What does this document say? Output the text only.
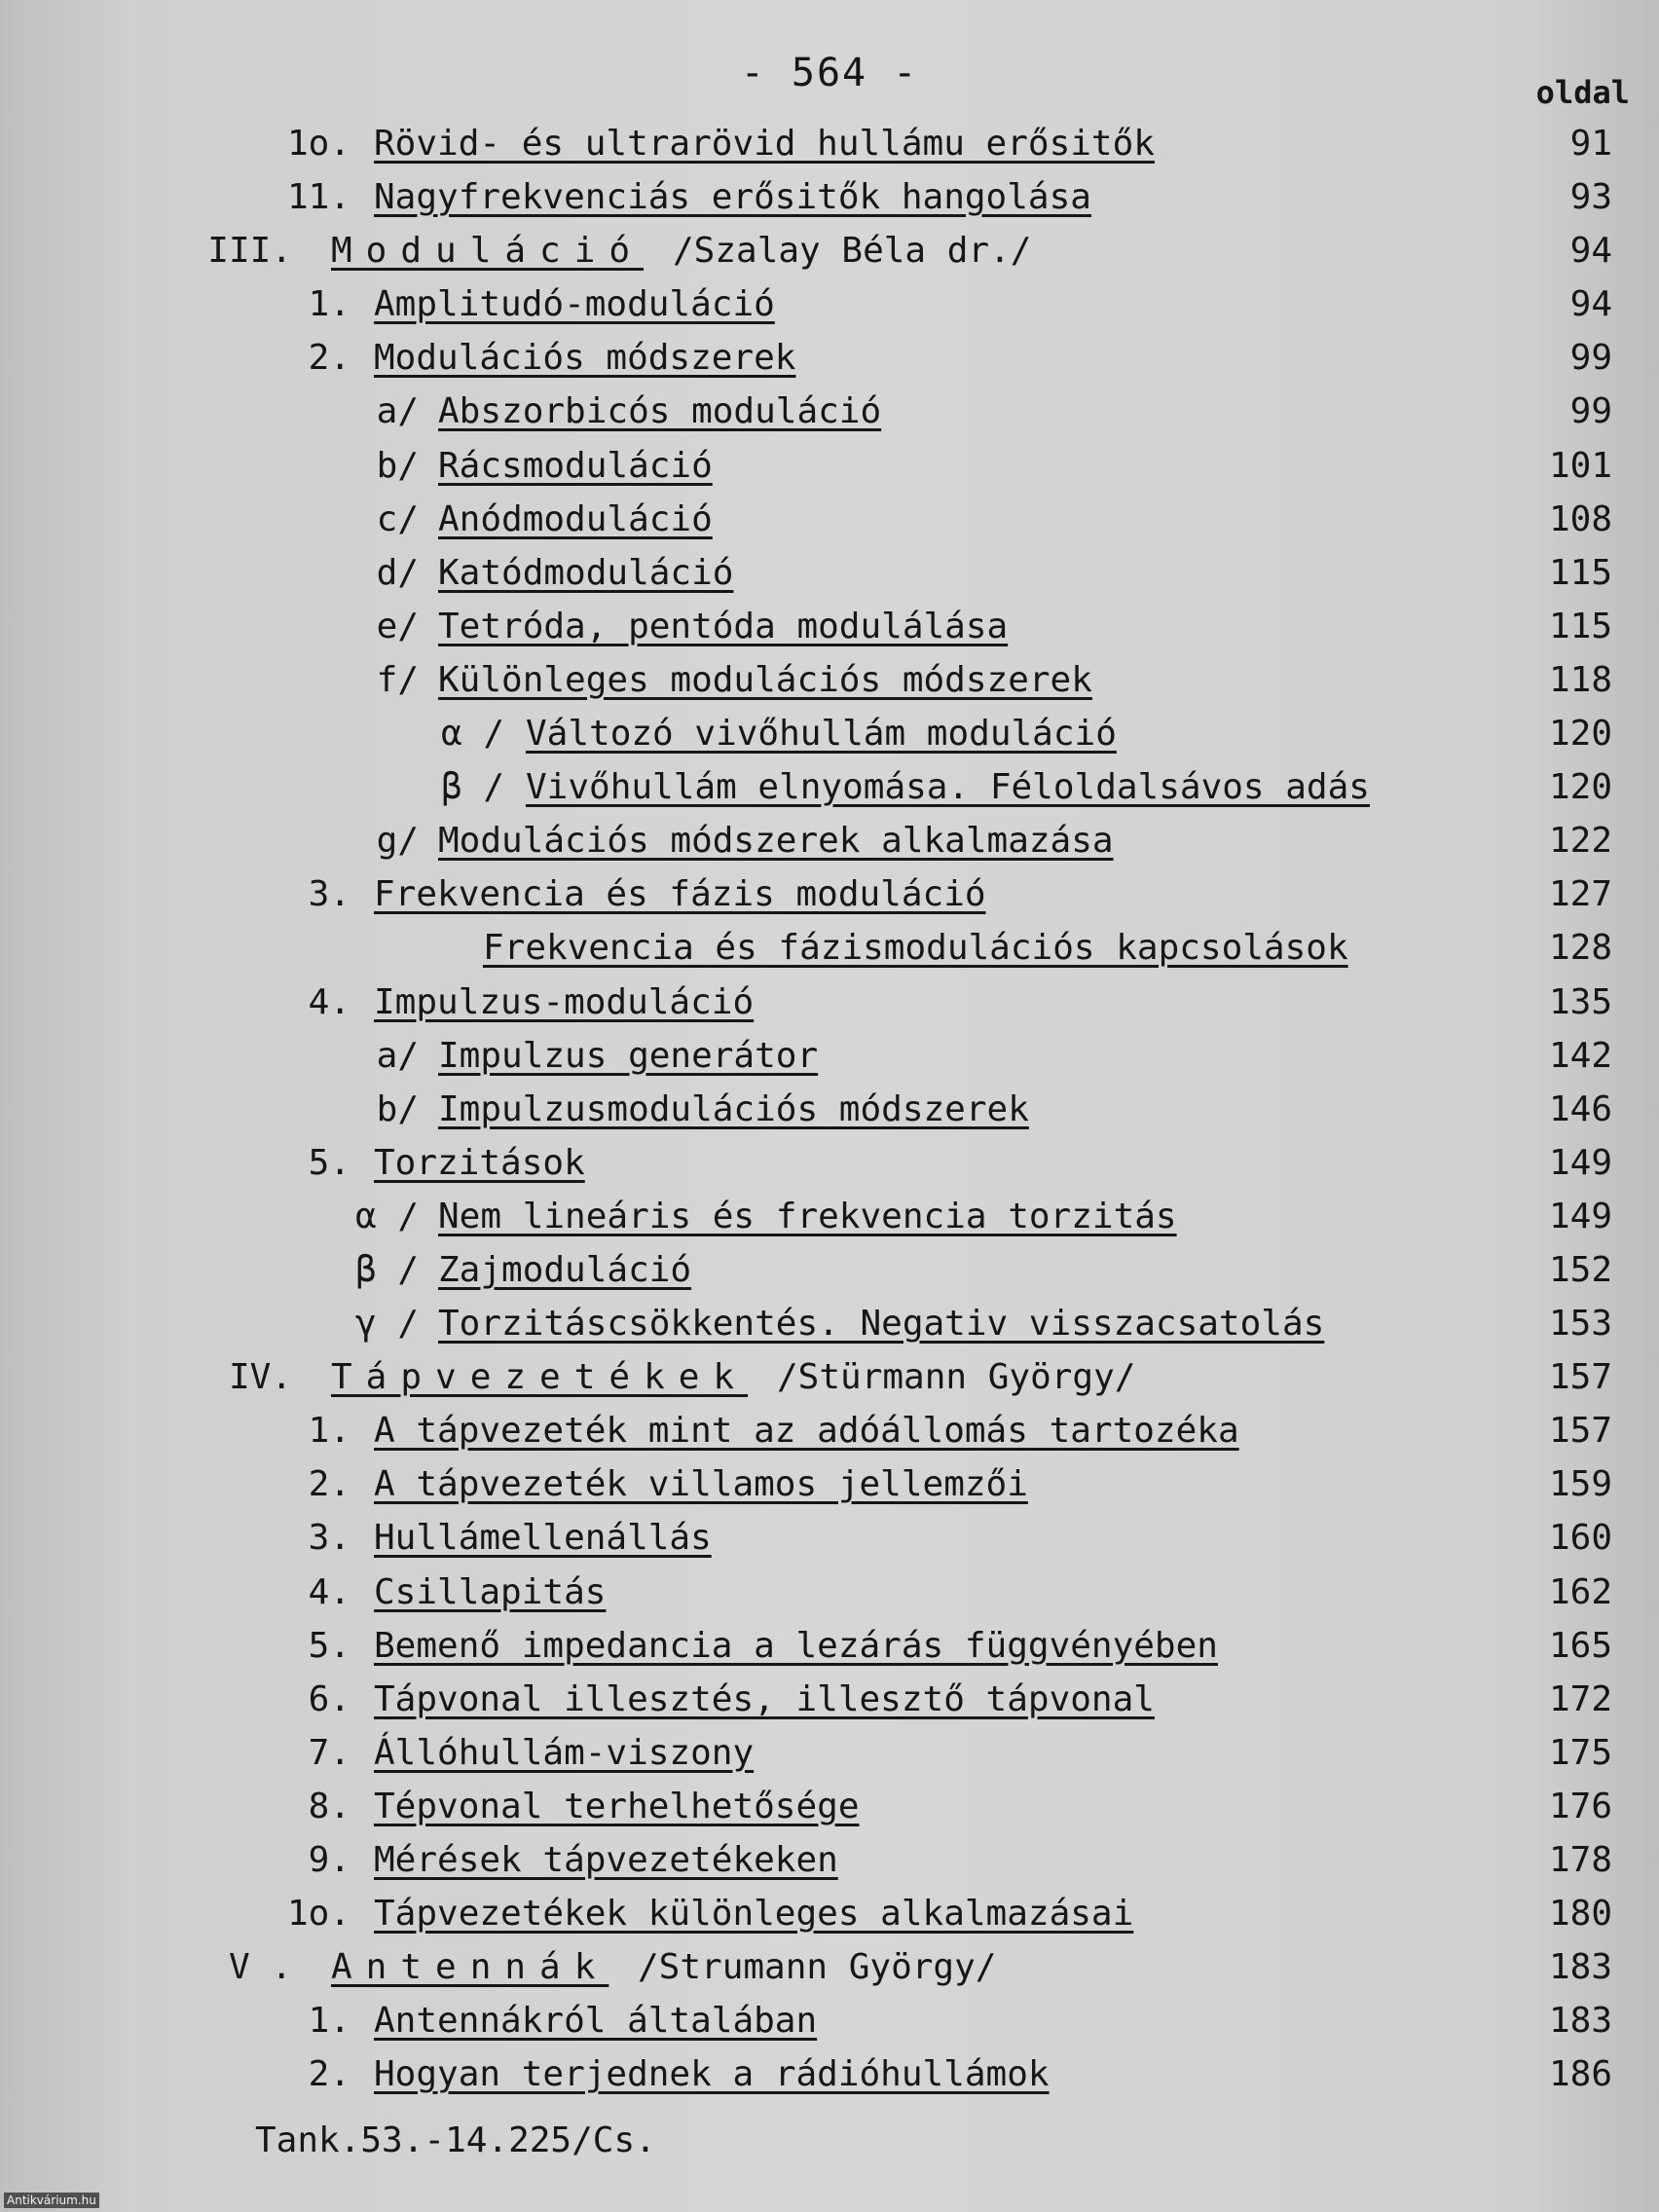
- 564 -	oldal
1o. Rövid- és ultrarövid hullámu erősitők	91
11. Nagyfrekvenciás erősitők hangolása	93
III. Moduláció /Szalay Béla dr./	94
1. Amplitudó-moduláció	94
2. Modulációs módszerek	99
a/ Abszorbicós moduláció	99
b/ Rácsmoduláció	101
c/ Anódmoduláció	108
d/ Katódmoduláció	115
e/ Tetróda, pentóda modulálása	115
f/ Különleges modulációs módszerek	118
α / Változó vivőhullám moduláció	120
β / Vivőhullám elnyomása. Féloldalsávos adás	120
g/ Modulációs módszerek alkalmazása	122
3. Frekvencia és fázis moduláció	127
Frekvencia és fázismodulációs kapcsolások	128
4. Impulzus-moduláció	135
a/ Impulzus generátor	142
b/ Impulzusmodulációs módszerek	146
5. Torzitások	149
α / Nem lineáris és frekvencia torzitás	149
β / Zajmoduláció	152
γ / Torzitáscsökkentés. Negativ visszacsatolás	153
IV. Tápvezetékek /Stürmann György/	157
1. A tápvezeték mint az adóállomás tartozéka	157
2. A tápvezeték villamos jellemzői	159
3. Hullámellenállás	160
4. Csillapitás	162
5. Bemenő impedancia a lezárás függvényében	165
6. Tápvonal illesztés, illesztő tápvonal	172
7. Állóhullám-viszony	175
8. Tépvonal terhelhetősége	176
9. Mérések tápvezetékeken	178
1o. Tápvezetékek különleges alkalmazásai	180
V . Antennák /Strumann György/	183
1. Antennákról általában	183
2. Hogyan terjednek a rádióhullámok	186
Tank.53.-14.225/Cs.
Antikvárium.hu
